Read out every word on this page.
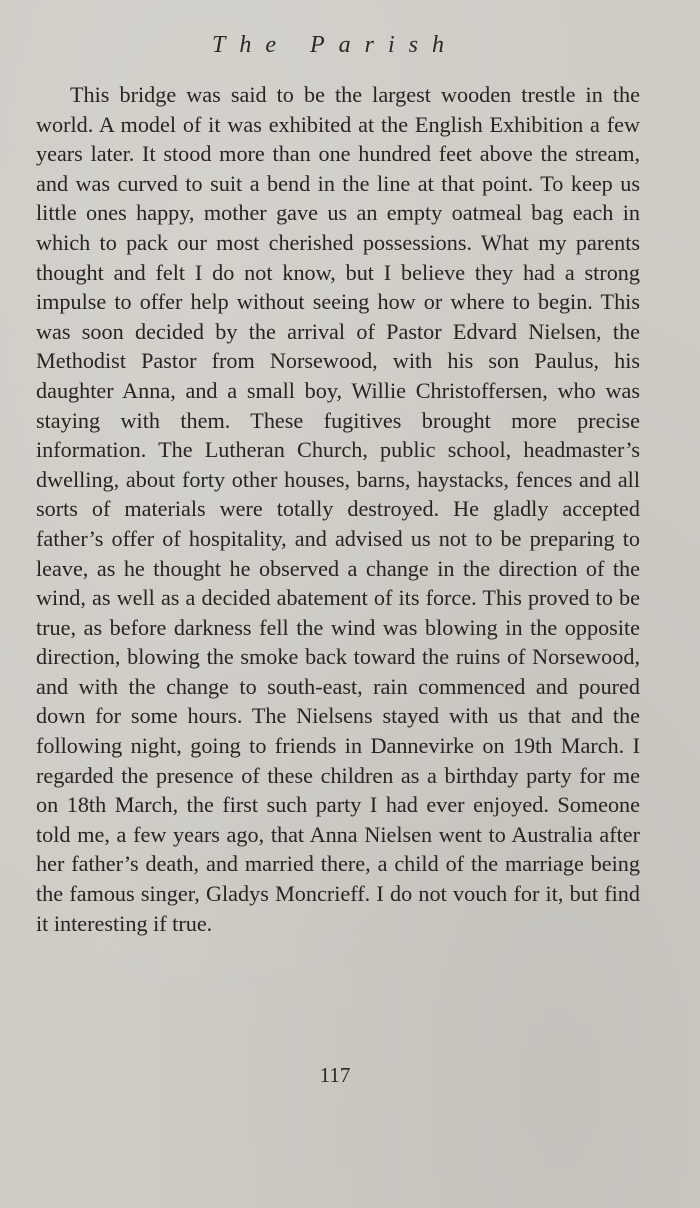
The Parish

This bridge was said to be the largest wooden trestle in the world. A model of it was exhibited at the English Exhibition a few years later. It stood more than one hundred feet above the stream, and was curved to suit a bend in the line at that point. To keep us little ones happy, mother gave us an empty oatmeal bag each in which to pack our most cherished possessions. What my parents thought and felt I do not know, but I believe they had a strong impulse to offer help without seeing how or where to begin. This was soon decided by the arrival of Pastor Edvard Nielsen, the Methodist Pastor from Norsewood, with his son Paulus, his daughter Anna, and a small boy, Willie Christoffersen, who was staying with them. These fugitives brought more precise information. The Lutheran Church, public school, headmaster’s dwelling, about forty other houses, barns, haystacks, fences and all sorts of materials were totally destroyed. He gladly accepted father’s offer of hospitality, and advised us not to be preparing to leave, as he thought he observed a change in the direction of the wind, as well as a decided abatement of its force. This proved to be true, as before darkness fell the wind was blowing in the opposite direction, blowing the smoke back toward the ruins of Norsewood, and with the change to south-east, rain commenced and poured down for some hours. The Nielsens stayed with us that and the following night, going to friends in Dannevirke on 19th March. I regarded the presence of these children as a birthday party for me on 18th March, the first such party I had ever enjoyed. Someone told me, a few years ago, that Anna Nielsen went to Australia after her father’s death, and married there, a child of the marriage being the famous singer, Gladys Moncrieff. I do not vouch for it, but find it interesting if true.

117
